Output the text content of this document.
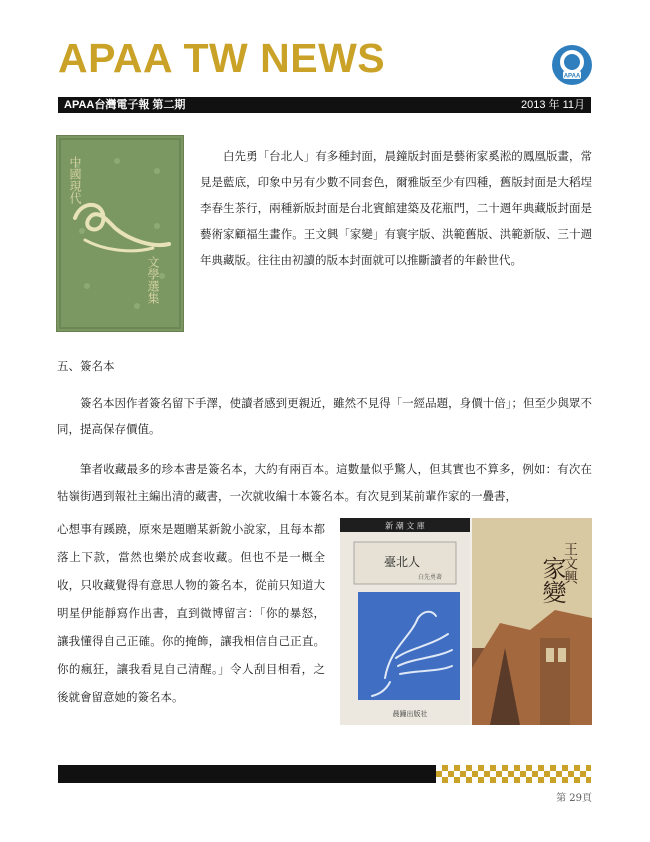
APAA TW NEWS	APAA
APAA台灣電子報 第二期	2013 年 11月
中國現代
文學選集

白先勇「台北人」有多種封面，晨鐘版封面是藝術家奚淞的鳳凰版畫，常見是藍底，印象中另有少數不同套色，爾雅版至少有四種，舊版封面是大稻埕李春生茶行，兩種新版封面是台北賓館建築及花瓶門，二十週年典藏版封面是藝術家顧福生畫作。王文興「家變」有寰宇版、洪範舊版、洪範新版、三十週年典藏版。往往由初讀的版本封面就可以推斷讀者的年齡世代。

五、簽名本

簽名本因作者簽名留下手澤，使讀者感到更親近，雖然不見得「一經品題，身價十倍」；但至少與眾不同，提高保存價值。

筆者收藏最多的珍本書是簽名本，大約有兩百本。這數量似乎驚人，但其實也不算多，例如：有次在牯嶺街遇到報社主編出清的藏書，一次就收編十本簽名本。有次見到某前輩作家的一疊書，

心想事有蹊蹺，原來是題贈某新銳小說家，且每本都落上下款，當然也樂於成套收藏。但也不是一概全收，只收藏覺得有意思人物的簽名本，從前只知道大明星伊能靜寫作出書，直到微博留言：「你的暴怒，讓我懂得自己正確。你的掩飾，讓我相信自己正直。你的瘋狂，讓我看見自己清醒。」令人刮目相看，之後就會留意她的簽名本。

新 潮 文 庫
臺北人
白先勇著
晨鐘出版社
王文興
家變
第 29頁
